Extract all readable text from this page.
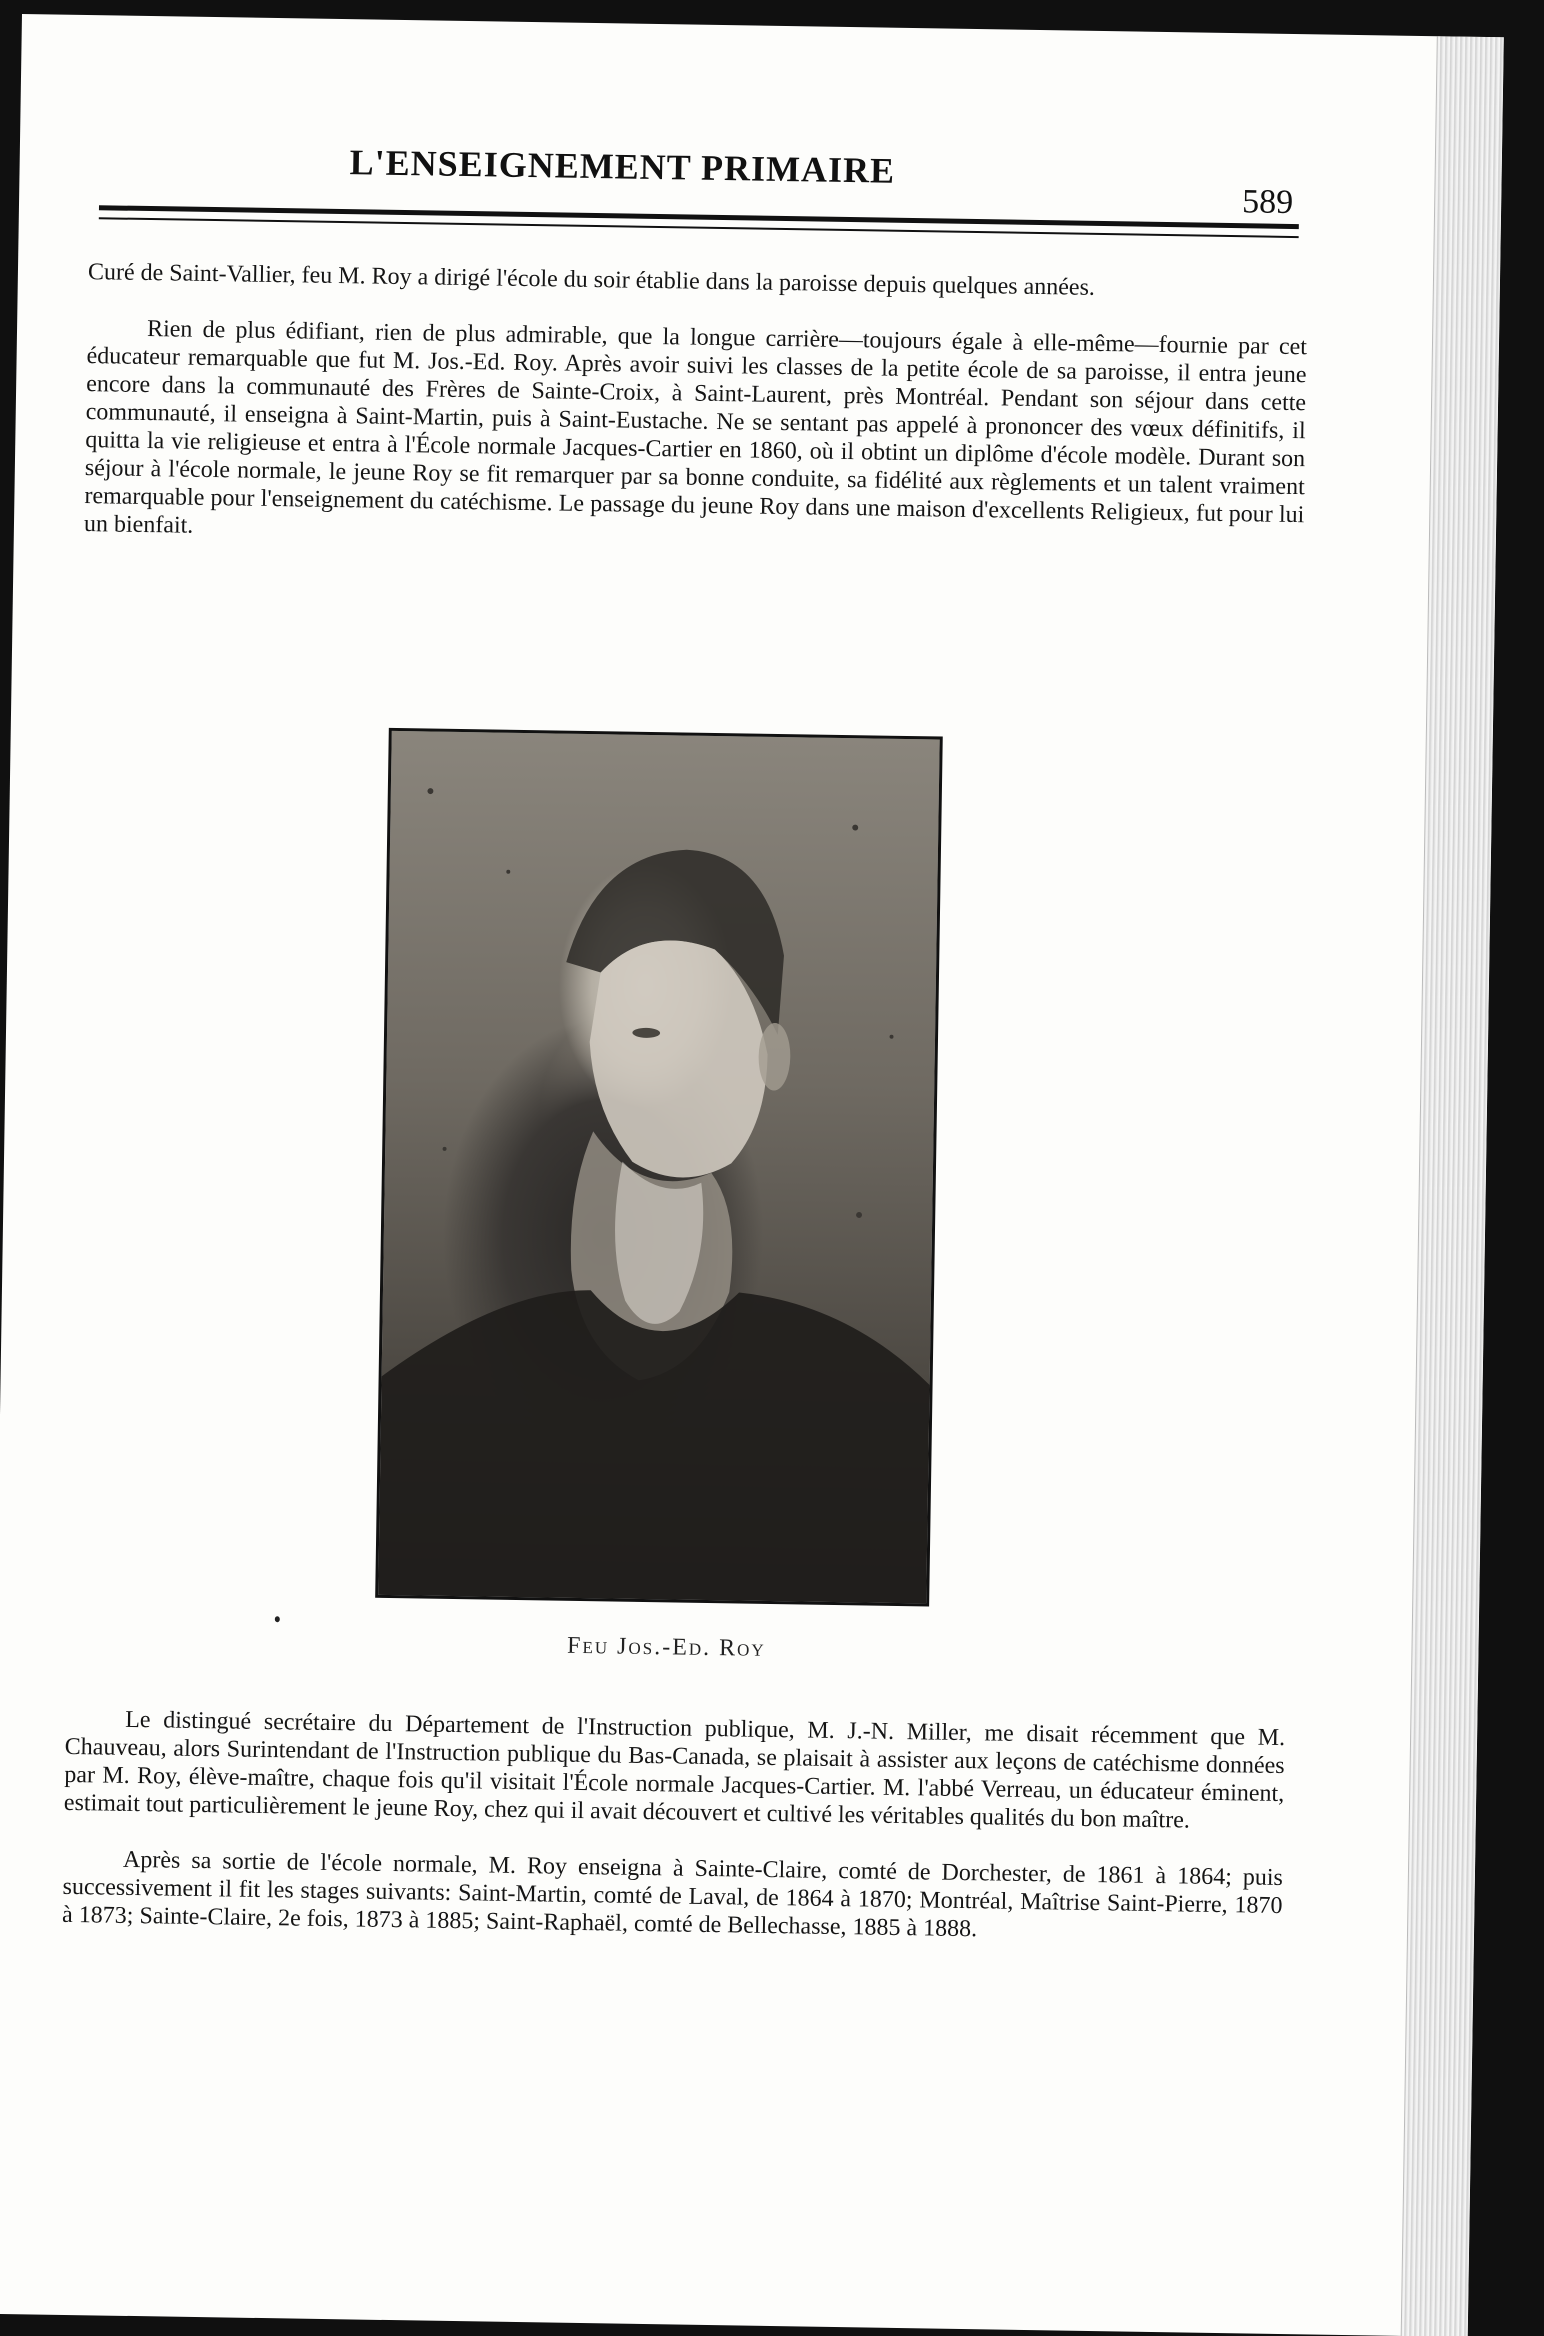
L'ENSEIGNEMENT PRIMAIRE
589

Curé de Saint-Vallier, feu M. Roy a dirigé l'école du soir établie dans la paroisse depuis quelques années.

Rien de plus édifiant, rien de plus admirable, que la longue carrière—toujours égale à elle-même—fournie par cet éducateur remarquable que fut M. Jos.-Ed. Roy. Après avoir suivi les classes de la petite école de sa paroisse, il entra jeune encore dans la communauté des Frères de Sainte-Croix, à Saint-Laurent, près Montréal. Pendant son séjour dans cette communauté, il enseigna à Saint-Martin, puis à Saint-Eustache. Ne se sentant pas appelé à prononcer des vœux définitifs, il quitta la vie religieuse et entra à l'École normale Jacques-Cartier en 1860, où il obtint un diplôme d'école modèle. Durant son séjour à l'école normale, le jeune Roy se fit remarquer par sa bonne conduite, sa fidélité aux règlements et un talent vraiment remarquable pour l'enseignement du catéchisme. Le passage du jeune Roy dans une maison d'excellents Religieux, fut pour lui un bienfait.

Feu Jos.-Ed. Roy

Le distingué secrétaire du Département de l'Instruction publique, M. J.-N. Miller, me disait récemment que M. Chauveau, alors Surintendant de l'Instruction publique du Bas-Canada, se plaisait à assister aux leçons de catéchisme données par M. Roy, élève-maître, chaque fois qu'il visitait l'École normale Jacques-Cartier. M. l'abbé Verreau, un éducateur éminent, estimait tout particulièrement le jeune Roy, chez qui il avait découvert et cultivé les véritables qualités du bon maître.

Après sa sortie de l'école normale, M. Roy enseigna à Sainte-Claire, comté de Dorchester, de 1861 à 1864; puis successivement il fit les stages suivants: Saint-Martin, comté de Laval, de 1864 à 1870; Montréal, Maîtrise Saint-Pierre, 1870 à 1873; Sainte-Claire, 2e fois, 1873 à 1885; Saint-Raphaël, comté de Bellechasse, 1885 à 1888.
